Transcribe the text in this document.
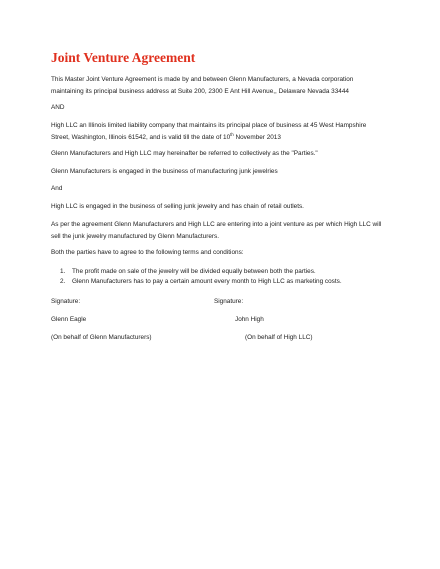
Joint Venture Agreement
This Master Joint Venture Agreement is made by and between Glenn Manufacturers, a Nevada corporation
maintaining its principal business address at Suite 200, 2300 E Ant Hill Avenue,, Delaware Nevada 33444
AND
High LLC an Illinois limited liability company that maintains its principal place of business at 45 West Hampshire
Street, Washington, Illinois 61542, and is valid till the date of 10th November 2013
Glenn Manufacturers and High LLC may hereinafter be referred to collectively as the "Parties."
Glenn Manufacturers is engaged in the business of manufacturing junk jewelries
And
High LLC is engaged in the business of selling junk jewelry and has chain of retail outlets.
As per the agreement Glenn Manufacturers and High LLC are entering into a joint venture as per which High LLC will
sell the junk jewelry manufactured by Glenn Manufacturers.
Both the parties have to agree to the following terms and conditions:
1. The profit made on sale of the jewelry will be divided equally between both the parties.
2. Glenn Manufacturers has to pay a certain amount every month to High LLC as marketing costs.
Signature:	Signature:
Glenn Eagle	John High
(On behalf of Glenn Manufacturers)	(On behalf of High LLC)
